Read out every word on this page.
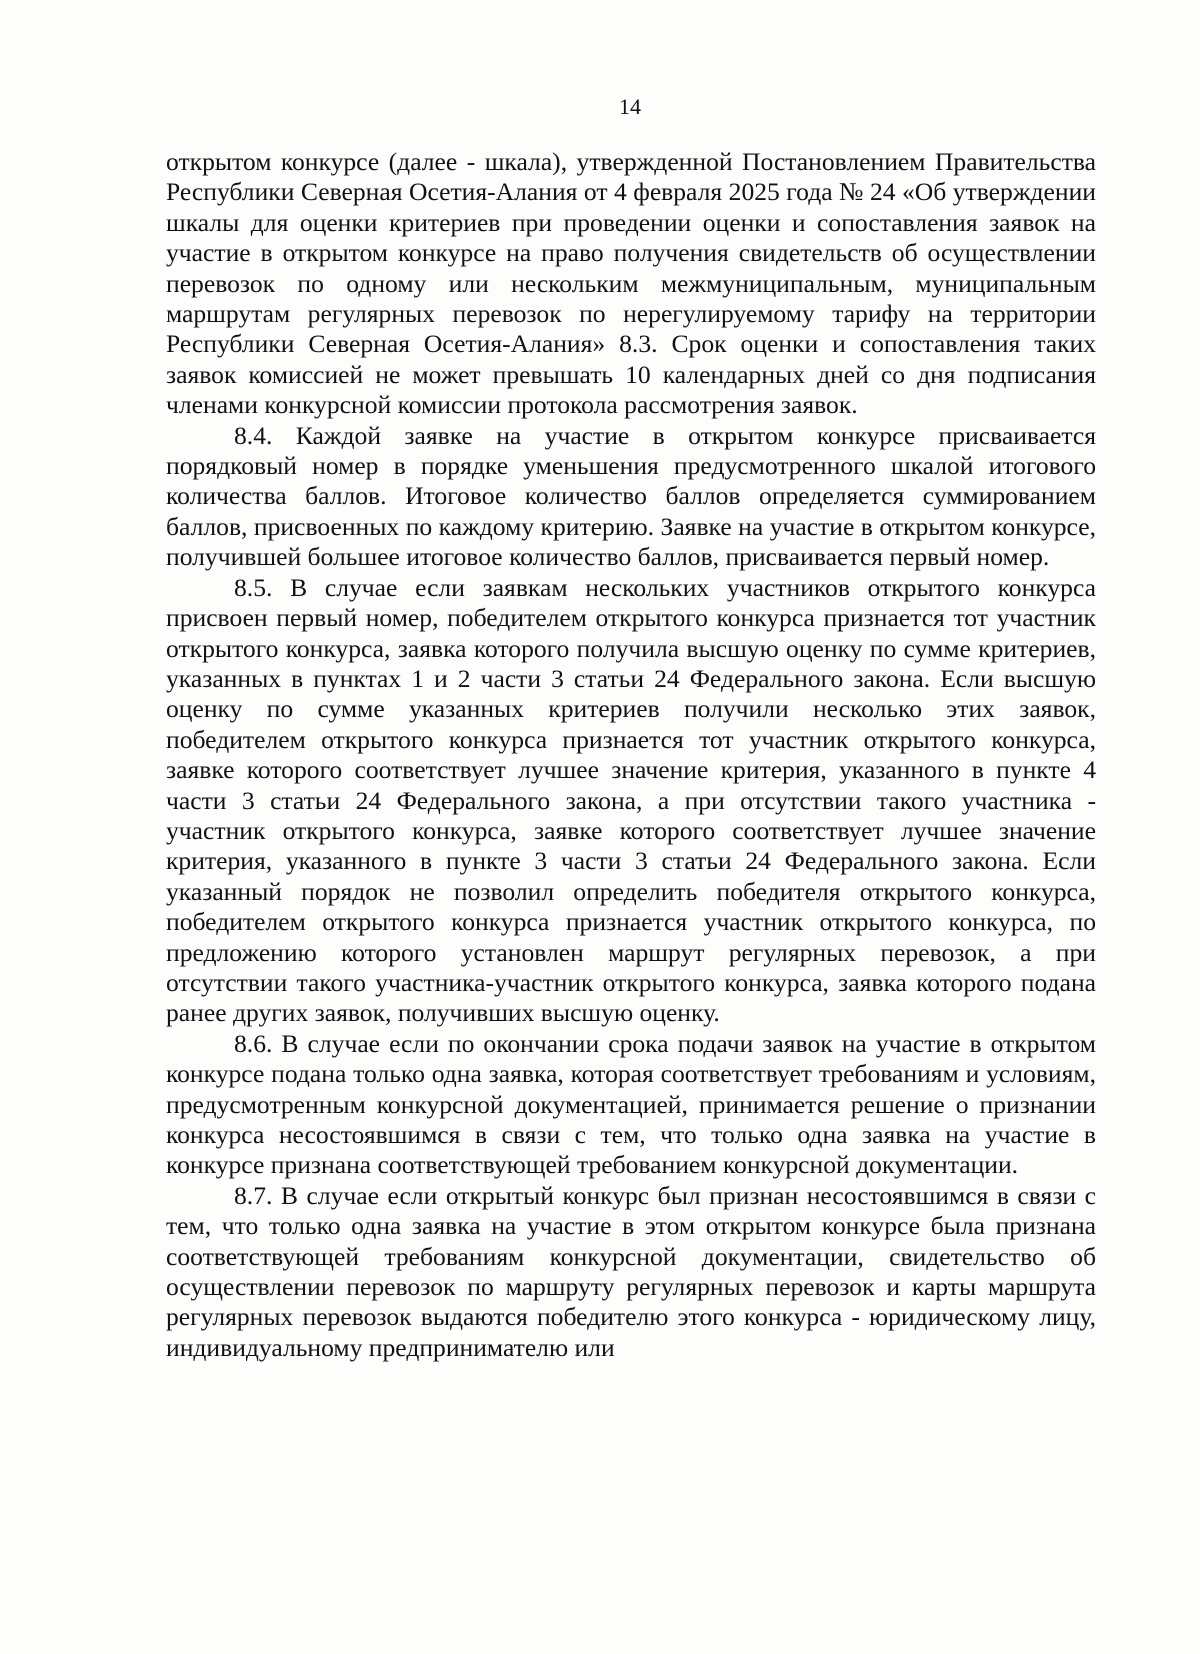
14

открытом конкурсе (далее - шкала), утвержденной Постановлением Правительства Республики Северная Осетия-Алания от 4 февраля 2025 года № 24 «Об утверждении шкалы для оценки критериев при проведении оценки и сопоставления заявок на участие в открытом конкурсе на право получения свидетельств об осуществлении перевозок по одному или нескольким межмуниципальным, муниципальным маршрутам регулярных перевозок по нерегулируемому тарифу на территории Республики Северная Осетия-Алания» 8.3. Срок оценки и сопоставления таких заявок комиссией не может превышать 10 календарных дней со дня подписания членами конкурсной комиссии протокола рассмотрения заявок.

8.4. Каждой заявке на участие в открытом конкурсе присваивается порядковый номер в порядке уменьшения предусмотренного шкалой итогового количества баллов. Итоговое количество баллов определяется суммированием баллов, присвоенных по каждому критерию. Заявке на участие в открытом конкурсе, получившей большее итоговое количество баллов, присваивается первый номер.

8.5. В случае если заявкам нескольких участников открытого конкурса присвоен первый номер, победителем открытого конкурса признается тот участник открытого конкурса, заявка которого получила высшую оценку по сумме критериев, указанных в пунктах 1 и 2 части 3 статьи 24 Федерального закона. Если высшую оценку по сумме указанных критериев получили несколько этих заявок, победителем открытого конкурса признается тот участник открытого конкурса, заявке которого соответствует лучшее значение критерия, указанного в пункте 4 части 3 статьи 24 Федерального закона, а при отсутствии такого участника - участник открытого конкурса, заявке которого соответствует лучшее значение критерия, указанного в пункте 3 части 3 статьи 24 Федерального закона. Если указанный порядок не позволил определить победителя открытого конкурса, победителем открытого конкурса признается участник открытого конкурса, по предложению которого установлен маршрут регулярных перевозок, а при отсутствии такого участника-участник открытого конкурса, заявка которого подана ранее других заявок, получивших высшую оценку.

8.6. В случае если по окончании срока подачи заявок на участие в открытом конкурсе подана только одна заявка, которая соответствует требованиям и условиям, предусмотренным конкурсной документацией, принимается решение о признании конкурса несостоявшимся в связи с тем, что только одна заявка на участие в конкурсе признана соответствующей требованием конкурсной документации.

8.7. В случае если открытый конкурс был признан несостоявшимся в связи с тем, что только одна заявка на участие в этом открытом конкурсе была признана соответствующей требованиям конкурсной документации, свидетельство об осуществлении перевозок по маршруту регулярных перевозок и карты маршрута регулярных перевозок выдаются победителю этого конкурса - юридическому лицу, индивидуальному предпринимателю или
